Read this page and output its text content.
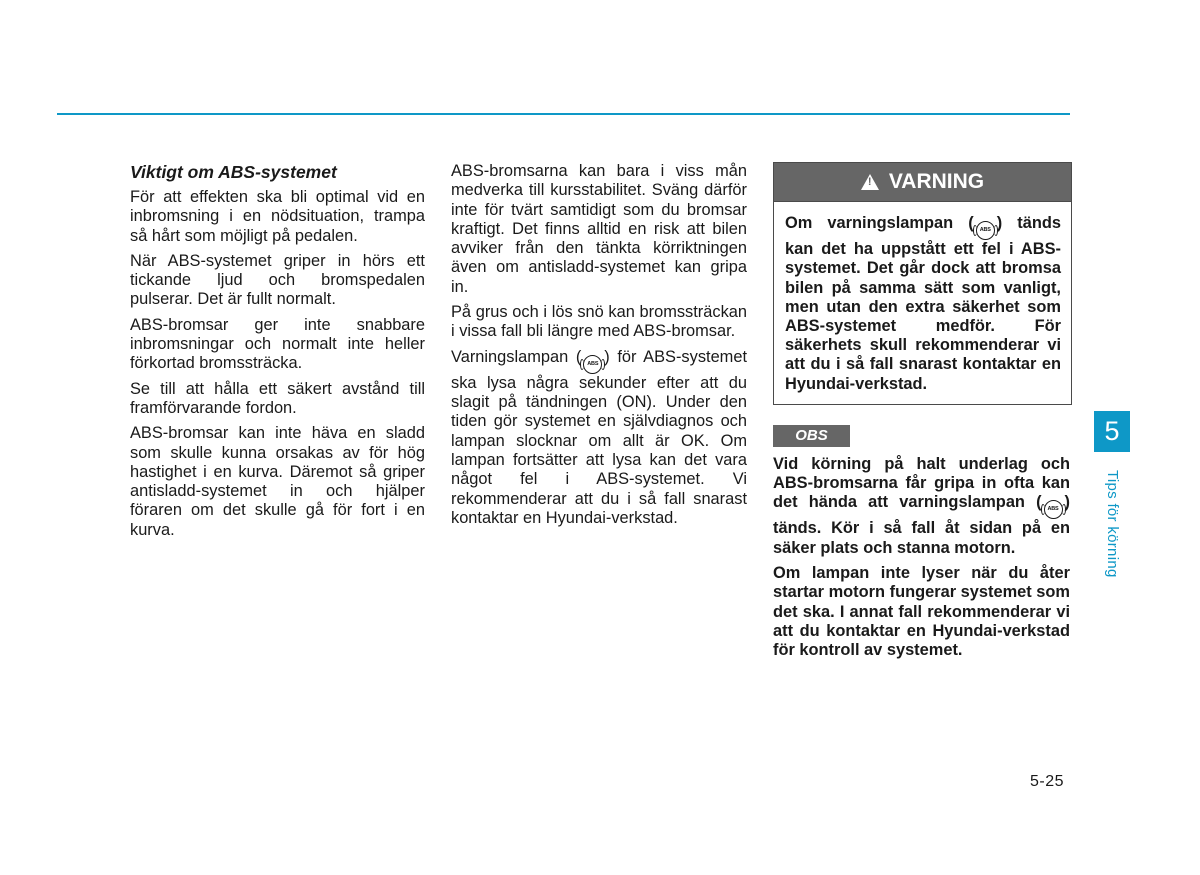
Viktigt om ABS-systemet

För att effekten ska bli optimal vid en inbromsning i en nödsituation, trampa så hårt som möjligt på pedalen.

När ABS-systemet griper in hörs ett tickande ljud och bromspedalen pulserar. Det är fullt normalt.

ABS-bromsar ger inte snabbare inbromsningar och normalt inte heller förkortad bromssträcka.

Se till att hålla ett säkert avstånd till framförvarande fordon.

ABS-bromsar kan inte häva en sladd som skulle kunna orsakas av för hög hastighet i en kurva. Däremot så griper antisladd-systemet in och hjälper föraren om det skulle gå för fort i en kurva.

ABS-bromsarna kan bara i viss mån medverka till kursstabilitet. Sväng därför inte för tvärt samtidigt som du bromsar kraftigt. Det finns alltid en risk att bilen avviker från den tänkta körriktningen även om antisladd-systemet kan gripa in.

På grus och i lös snö kan bromssträckan i vissa fall bli längre med ABS-bromsar.

Varningslampan ( ABS ) för ABS-systemet ska lysa några sekunder efter att du slagit på tändningen (ON). Under den tiden gör systemet en självdiagnos och lampan slocknar om allt är OK. Om lampan fortsätter att lysa kan det vara något fel i ABS-systemet. Vi rekommenderar att du i så fall snarast kontaktar en Hyundai-verkstad.

! VARNING
Om varningslampan ( ABS ) tänds kan det ha uppstått ett fel i ABS-systemet. Det går dock att bromsa bilen på samma sätt som vanligt, men utan den extra säkerhet som ABS-systemet medför. För säkerhets skull rekommenderar vi att du i så fall snarast kontaktar en Hyundai-verkstad.
OBS

Vid körning på halt underlag och ABS-bromsarna får gripa in ofta kan det hända att varningslampan ( ABS ) tänds. Kör i så fall åt sidan på en säker plats och stanna motorn.

Om lampan inte lyser när du åter startar motorn fungerar systemet som det ska. I annat fall rekommenderar vi att du kontaktar en Hyundai-verkstad för kontroll av systemet.

5
Tips för körning
5-25
